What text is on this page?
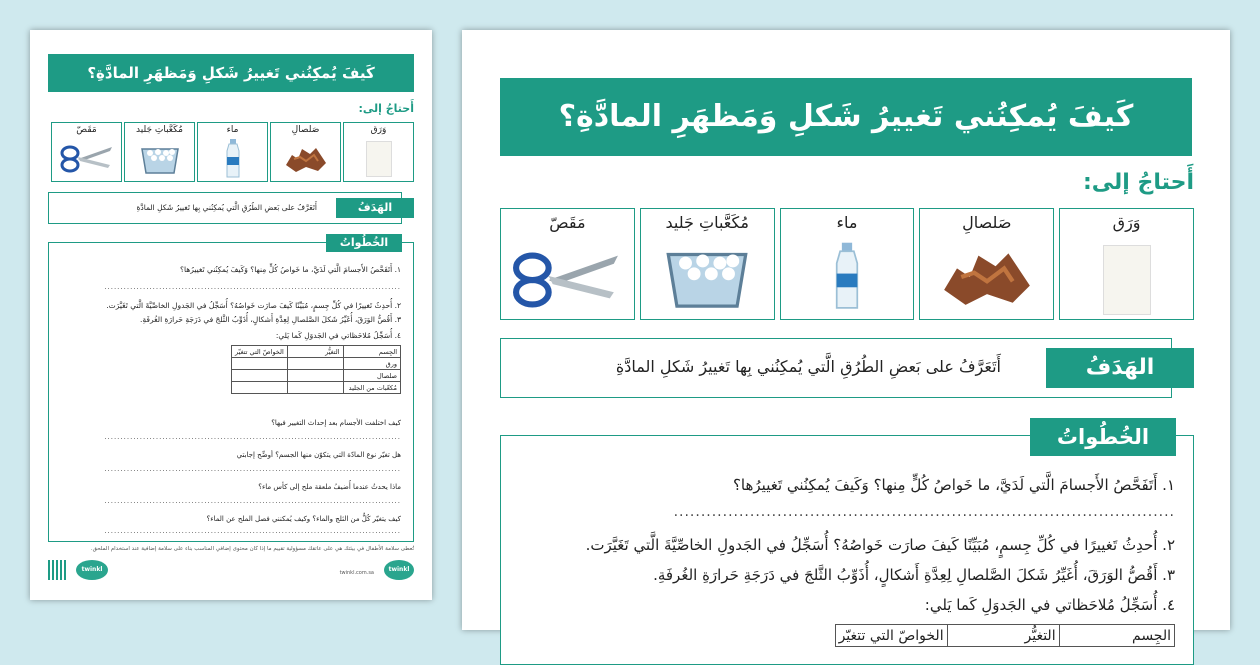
كَيفَ يُمكِنُني تَغييرُ شَكلِ وَمَظهَرِ المادَّةِ؟
أَحتاجُ إلى:
وَرَق
صَلصالِ
ماء
مُكَعَّباتِ جَليد
مَقَصّ
أَتَعَرَّفُ على بَعضِ الطُرُقِ الَّتي يُمكِنُني بِها تَغييرُ شَكلِ المادَّةِ	الهَدَفُ
١. أَتَفَحَّصُ الأَجسامَ الَّتي لَدَيَّ، ما خَواصُ كُلٍّ مِنها؟ وَكَيفَ يُمكِنُني تَغييرُها؟
............................................................................................
٢. أُحدِثُ تَغييرًا في كُلِّ جِسمٍ، مُبَيِّنًا كَيفَ صارَت خَواصُهُ؟ أُسَجِّلُ في الجَدولِ الخاصِّيَّةَ الَّتي تَغَيَّرَت.
٣. أَقُصُّ الوَرَقَ، أُغَيِّرُ شَكلَ الصَّلصالِ لِعِدَّةِ أَشكالٍ، أُذَوِّبُ الثَّلجَ في دَرَجَةِ حَرارَةِ الغُرفَةِ.
٤. أُسَجِّلُ مُلاحَظاتي في الجَدوَلِ كَما يَلي:
الجِسم	التغيُّر	الخواصّ التي تتغيّر
ورق		
صلصال		
مُكعّبات من الجليد		
كيف اختلفت الأجسام بعد إحداث التغيير فيها؟
............................................................................................
هل تغيّر نوع المادّة التي يتكوّن منها الجسم؟ أوضِّح إجابتي
............................................................................................
ماذا يحدثُ عندما أُضيفُ ملعقة ملح إلى كأس ماء؟
............................................................................................
كيف يتغيّر كُلٌّ من الثلج والماء؟ وكيف يُمكنني فصل الملح عن الماء؟
............................................................................................
الخُطُواتُ
تُعطى سلامة الأطفال في بيئتك هي على عاتقك مسؤولية تقييم ما إذا كان محتوى إضافي المناسب بناء على سلامة إضافية عند استخدام الملحق.
twinkl
twinkl.com.sa
twinkl
كَيفَ يُمكِنُني تَغييرُ شَكلِ وَمَظهَرِ المادَّةِ؟
أَحتاجُ إلى:
وَرَق
صَلصالِ
ماء
مُكَعَّباتِ جَليد
مَقَصّ
أَتَعَرَّفُ على بَعضِ الطُرُقِ الَّتي يُمكِنُني بِها تَغييرُ شَكلِ المادَّةِ	الهَدَفُ
١. أَتَفَحَّصُ الأَجسامَ الَّتي لَدَيَّ، ما خَواصُ كُلٍّ مِنها؟ وَكَيفَ يُمكِنُني تَغييرُها؟
............................................................................................
٢. أُحدِثُ تَغييرًا في كُلِّ جِسمٍ، مُبَيِّنًا كَيفَ صارَت خَواصُهُ؟ أُسَجِّلُ في الجَدولِ الخاصِّيَّةَ الَّتي تَغَيَّرَت.
٣. أَقُصُّ الوَرَقَ، أُغَيِّرُ شَكلَ الصَّلصالِ لِعِدَّةِ أَشكالٍ، أُذَوِّبُ الثَّلجَ في دَرَجَةِ حَرارَةِ الغُرفَةِ.
٤. أُسَجِّلُ مُلاحَظاتي في الجَدوَلِ كَما يَلي:
الجِسم	التغيُّر	الخواصّ التي تتغيّر
الخُطُواتُ
